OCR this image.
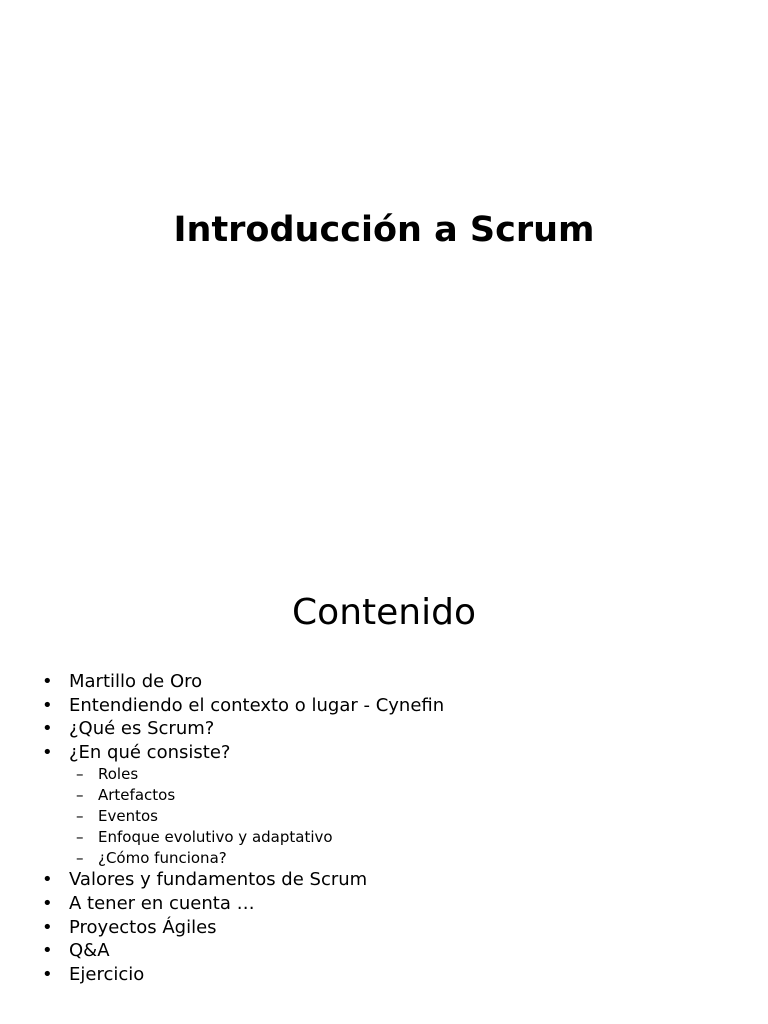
Introducción a Scrum
Contenido
• Martillo de Oro
• Entendiendo el contexto o lugar - Cynefin
• ¿Qué es Scrum?
• ¿En qué consiste?
– Roles
– Artefactos
– Eventos
– Enfoque evolutivo y adaptativo
– ¿Cómo funciona?
• Valores y fundamentos de Scrum
• A tener en cuenta …
• Proyectos Ágiles
• Q&A
• Ejercicio
